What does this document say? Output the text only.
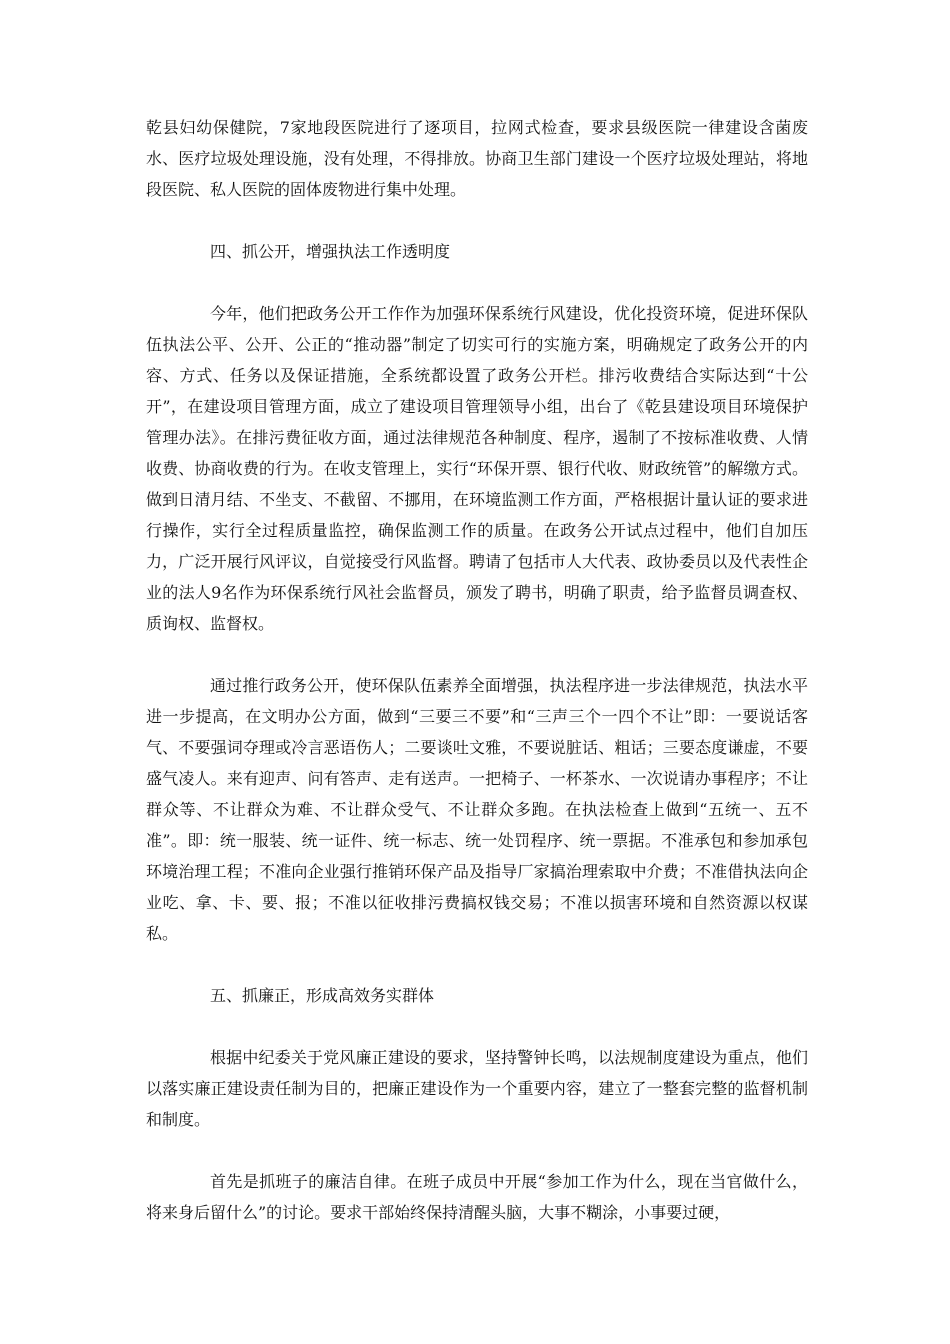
乾县妇幼保健院，7家地段医院进行了逐项目，拉网式检查，要求县级医院一律建设含菌废水、医疗垃圾处理设施，没有处理，不得排放。协商卫生部门建设一个医疗垃圾处理站，将地段医院、私人医院的固体废物进行集中处理。

四、抓公开，增强执法工作透明度

今年，他们把政务公开工作作为加强环保系统行风建设，优化投资环境，促进环保队伍执法公平、公开、公正的“推动器”制定了切实可行的实施方案，明确规定了政务公开的内容、方式、任务以及保证措施，全系统都设置了政务公开栏。排污收费结合实际达到“十公开”，在建设项目管理方面，成立了建设项目管理领导小组，出台了《乾县建设项目环境保护管理办法》。在排污费征收方面，通过法律规范各种制度、程序，遏制了不按标准收费、人情收费、协商收费的行为。在收支管理上，实行“环保开票、银行代收、财政统管”的解缴方式。做到日清月结、不坐支、不截留、不挪用，在环境监测工作方面，严格根据计量认证的要求进行操作，实行全过程质量监控，确保监测工作的质量。在政务公开试点过程中，他们自加压力，广泛开展行风评议，自觉接受行风监督。聘请了包括市人大代表、政协委员以及代表性企业的法人9名作为环保系统行风社会监督员，颁发了聘书，明确了职责，给予监督员调查权、质询权、监督权。

通过推行政务公开，使环保队伍素养全面增强，执法程序进一步法律规范，执法水平进一步提高，在文明办公方面，做到“三要三不要”和“三声三个一四个不让”即：一要说话客气、不要强词夺理或冷言恶语伤人；二要谈吐文雅，不要说脏话、粗话；三要态度谦虚，不要盛气凌人。来有迎声、问有答声、走有送声。一把椅子、一杯茶水、一次说请办事程序；不让群众等、不让群众为难、不让群众受气、不让群众多跑。在执法检查上做到“五统一、五不准”。即：统一服装、统一证件、统一标志、统一处罚程序、统一票据。不准承包和参加承包环境治理工程；不准向企业强行推销环保产品及指导厂家搞治理索取中介费；不准借执法向企业吃、拿、卡、要、报；不准以征收排污费搞权钱交易；不准以损害环境和自然资源以权谋私。

五、抓廉正，形成高效务实群体

根据中纪委关于党风廉正建设的要求，坚持警钟长鸣，以法规制度建设为重点，他们以落实廉正建设责任制为目的，把廉正建设作为一个重要内容，建立了一整套完整的监督机制和制度。

首先是抓班子的廉洁自律。在班子成员中开展“参加工作为什么，现在当官做什么，将来身后留什么”的讨论。要求干部始终保持清醒头脑，大事不糊涂，小事要过硬，
